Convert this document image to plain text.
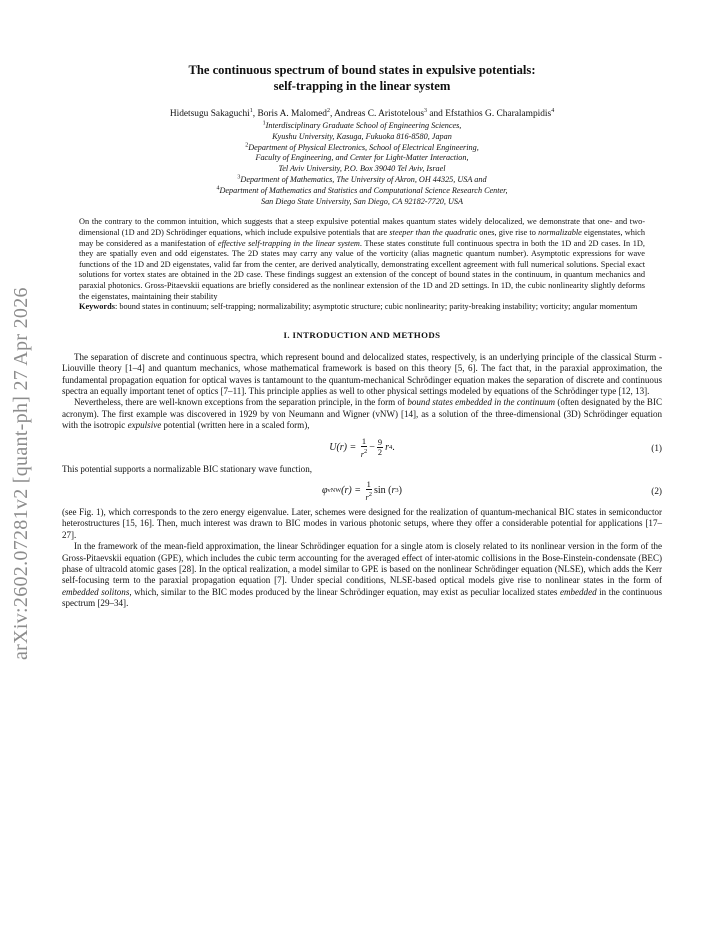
arXiv:2602.07281v2 [quant-ph] 27 Apr 2026
The continuous spectrum of bound states in expulsive potentials:
self-trapping in the linear system
Hidetsugu Sakaguchi$^1$, Boris A. Malomed$^2$, Andreas C. Aristotelous$^3$ and Efstathios G. Charalampidis$^4$
$^1$Interdisciplinary Graduate School of Engineering Sciences,
Kyushu University, Kasuga, Fukuoka 816-8580, Japan
$^2$Department of Physical Electronics, School of Electrical Engineering,
Faculty of Engineering, and Center for Light-Matter Interaction,
Tel Aviv University, P.O. Box 39040 Tel Aviv, Israel
$^3$Department of Mathematics, The University of Akron, OH 44325, USA and
$^4$Department of Mathematics and Statistics and Computational Science Research Center,
San Diego State University, San Diego, CA 92182-7720, USA
On the contrary to the common intuition, which suggests that a steep expulsive potential makes quantum states widely delocalized, we demonstrate that one- and two-dimensional (1D and 2D) Schrödinger equations, which include expulsive potentials that are steeper than the quadratic ones, give rise to normalizable eigenstates, which may be considered as a manifestation of effective self-trapping in the linear system. These states constitute full continuous spectra in both the 1D and 2D cases. In 1D, they are spatially even and odd eigenstates. The 2D states may carry any value of the vorticity (alias magnetic quantum number). Asymptotic expressions for wave functions of the 1D and 2D eigenstates, valid far from the center, are derived analytically, demonstrating excellent agreement with full numerical solutions. Special exact solutions for vortex states are obtained in the 2D case. These findings suggest an extension of the concept of bound states in the continuum, in quantum mechanics and paraxial photonics. Gross-Pitaevskii equations are briefly considered as the nonlinear extension of the 1D and 2D settings. In 1D, the cubic nonlinearity slightly deforms the eigenstates, maintaining their stability
Keywords: bound states in continuum; self-trapping; normalizability; asymptotic structure; cubic nonlinearity; parity-breaking instability; vorticity; angular momentum
I. INTRODUCTION AND METHODS

The separation of discrete and continuous spectra, which represent bound and delocalized states, respectively, is an underlying principle of the classical Sturm - Liouville theory [1–4] and quantum mechanics, whose mathematical framework is based on this theory [5, 6]. The fact that, in the paraxial approximation, the fundamental propagation equation for optical waves is tantamount to the quantum-mechanical Schrödinger equation makes the separation of discrete and continuous spectra an equally important tenet of optics [7–11]. This principle applies as well to other physical settings modeled by equations of the Schrödinger type [12, 13].

Nevertheless, there are well-known exceptions from the separation principle, in the form of bound states embedded in the continuum (often designated by the BIC acronym). The first example was discovered in 1929 by von Neumann and Wigner (vNW) [14], as a solution of the three-dimensional (3D) Schrödinger equation with the isotropic expulsive potential (written here in a scaled form),

U(r) =
$\frac{1}{r^2} - \frac{9}{2}$ r 4 .	(1)

This potential supports a normalizable BIC stationary wave function,

φ vNW (r) =
$\frac{1}{r^2}$ sin
( r 3 )	(2)

(see Fig. 1), which corresponds to the zero energy eigenvalue. Later, schemes were designed for the realization of quantum-mechanical BIC states in semiconductor heterostructures [15, 16]. Then, much interest was drawn to BIC modes in various photonic setups, where they offer a considerable potential for applications [17–27].

In the framework of the mean-field approximation, the linear Schrödinger equation for a single atom is closely related to its nonlinear version in the form of the Gross-Pitaevskii equation (GPE), which includes the cubic term accounting for the averaged effect of inter-atomic collisions in the Bose-Einstein-condensate (BEC) phase of ultracold atomic gases [28]. In the optical realization, a model similar to GPE is based on the nonlinear Schrödinger equation (NLSE), which adds the Kerr self-focusing term to the paraxial propagation equation [7]. Under special conditions, NLSE-based optical models give rise to nonlinear states in the form of embedded solitons, which, similar to the BIC modes produced by the linear Schrödinger equation, may exist as peculiar localized states embedded in the continuous spectrum [29–34].
